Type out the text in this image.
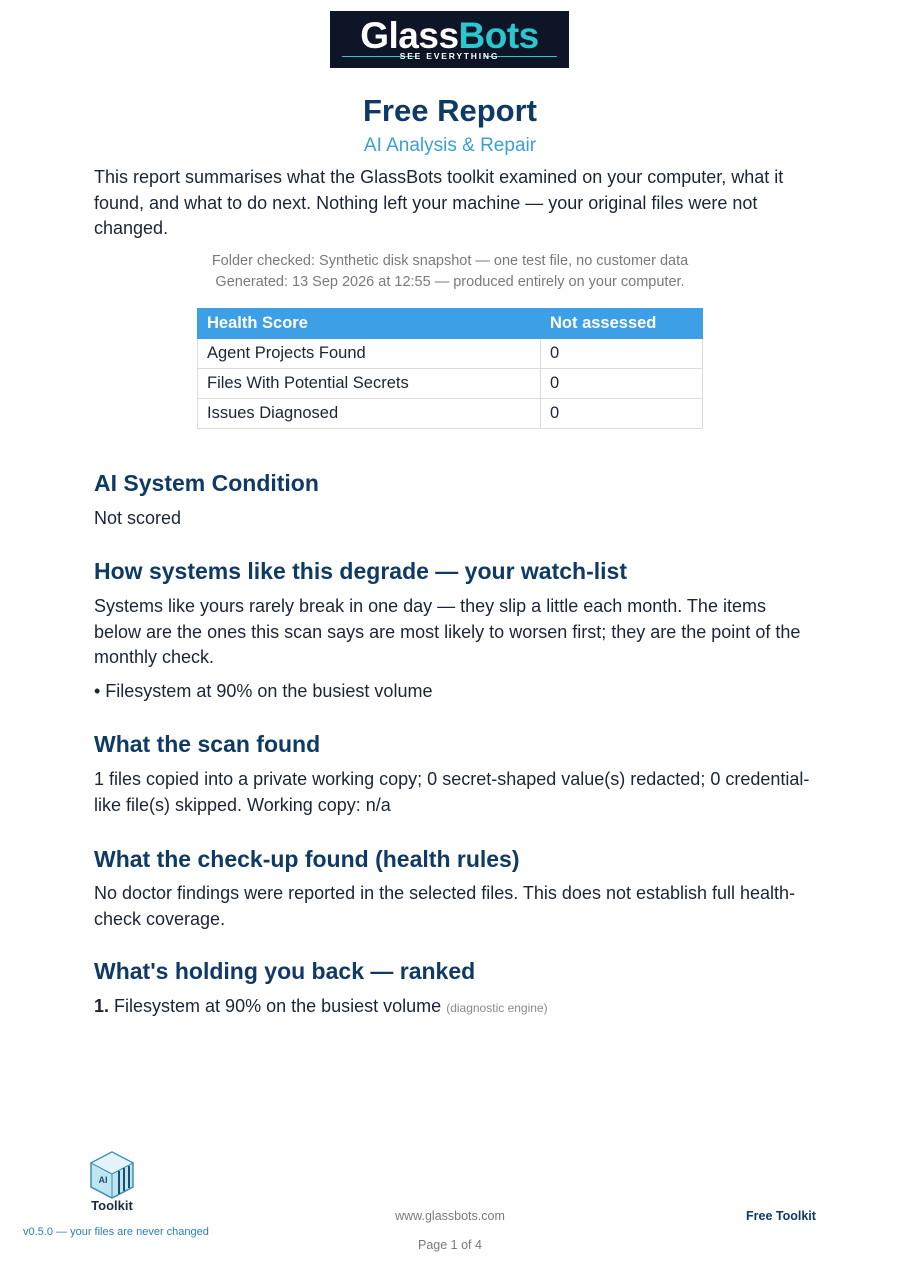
GlassBots
SEE EVERYTHING
Free Report
AI Analysis & Repair
This report summarises what the GlassBots toolkit examined on your computer, what it found, and what to do next. Nothing left your machine — your original files were not changed.
Folder checked: Synthetic disk snapshot — one test file, no customer data
Generated: 13 Sep 2026 at 12:55 — produced entirely on your computer.
Health Score	Not assessed
Agent Projects Found	0
Files With Potential Secrets	0
Issues Diagnosed	0
AI System Condition
Not scored
How systems like this degrade — your watch-list
Systems like yours rarely break in one day — they slip a little each month. The items below are the ones this scan says are most likely to worsen first; they are the point of the monthly check.
• Filesystem at 90% on the busiest volume
What the scan found
1 files copied into a private working copy; 0 secret-shaped value(s) redacted; 0 credential-like file(s) skipped. Working copy: n/a
What the check-up found (health rules)
No doctor findings were reported in the selected files. This does not establish full health-check coverage.
What's holding you back — ranked
1. Filesystem at 90% on the busiest volume (diagnostic engine)
AI
Toolkit
v0.5.0 — your files are never changed
www.glassbots.com	Free Toolkit
Page 1 of 4
